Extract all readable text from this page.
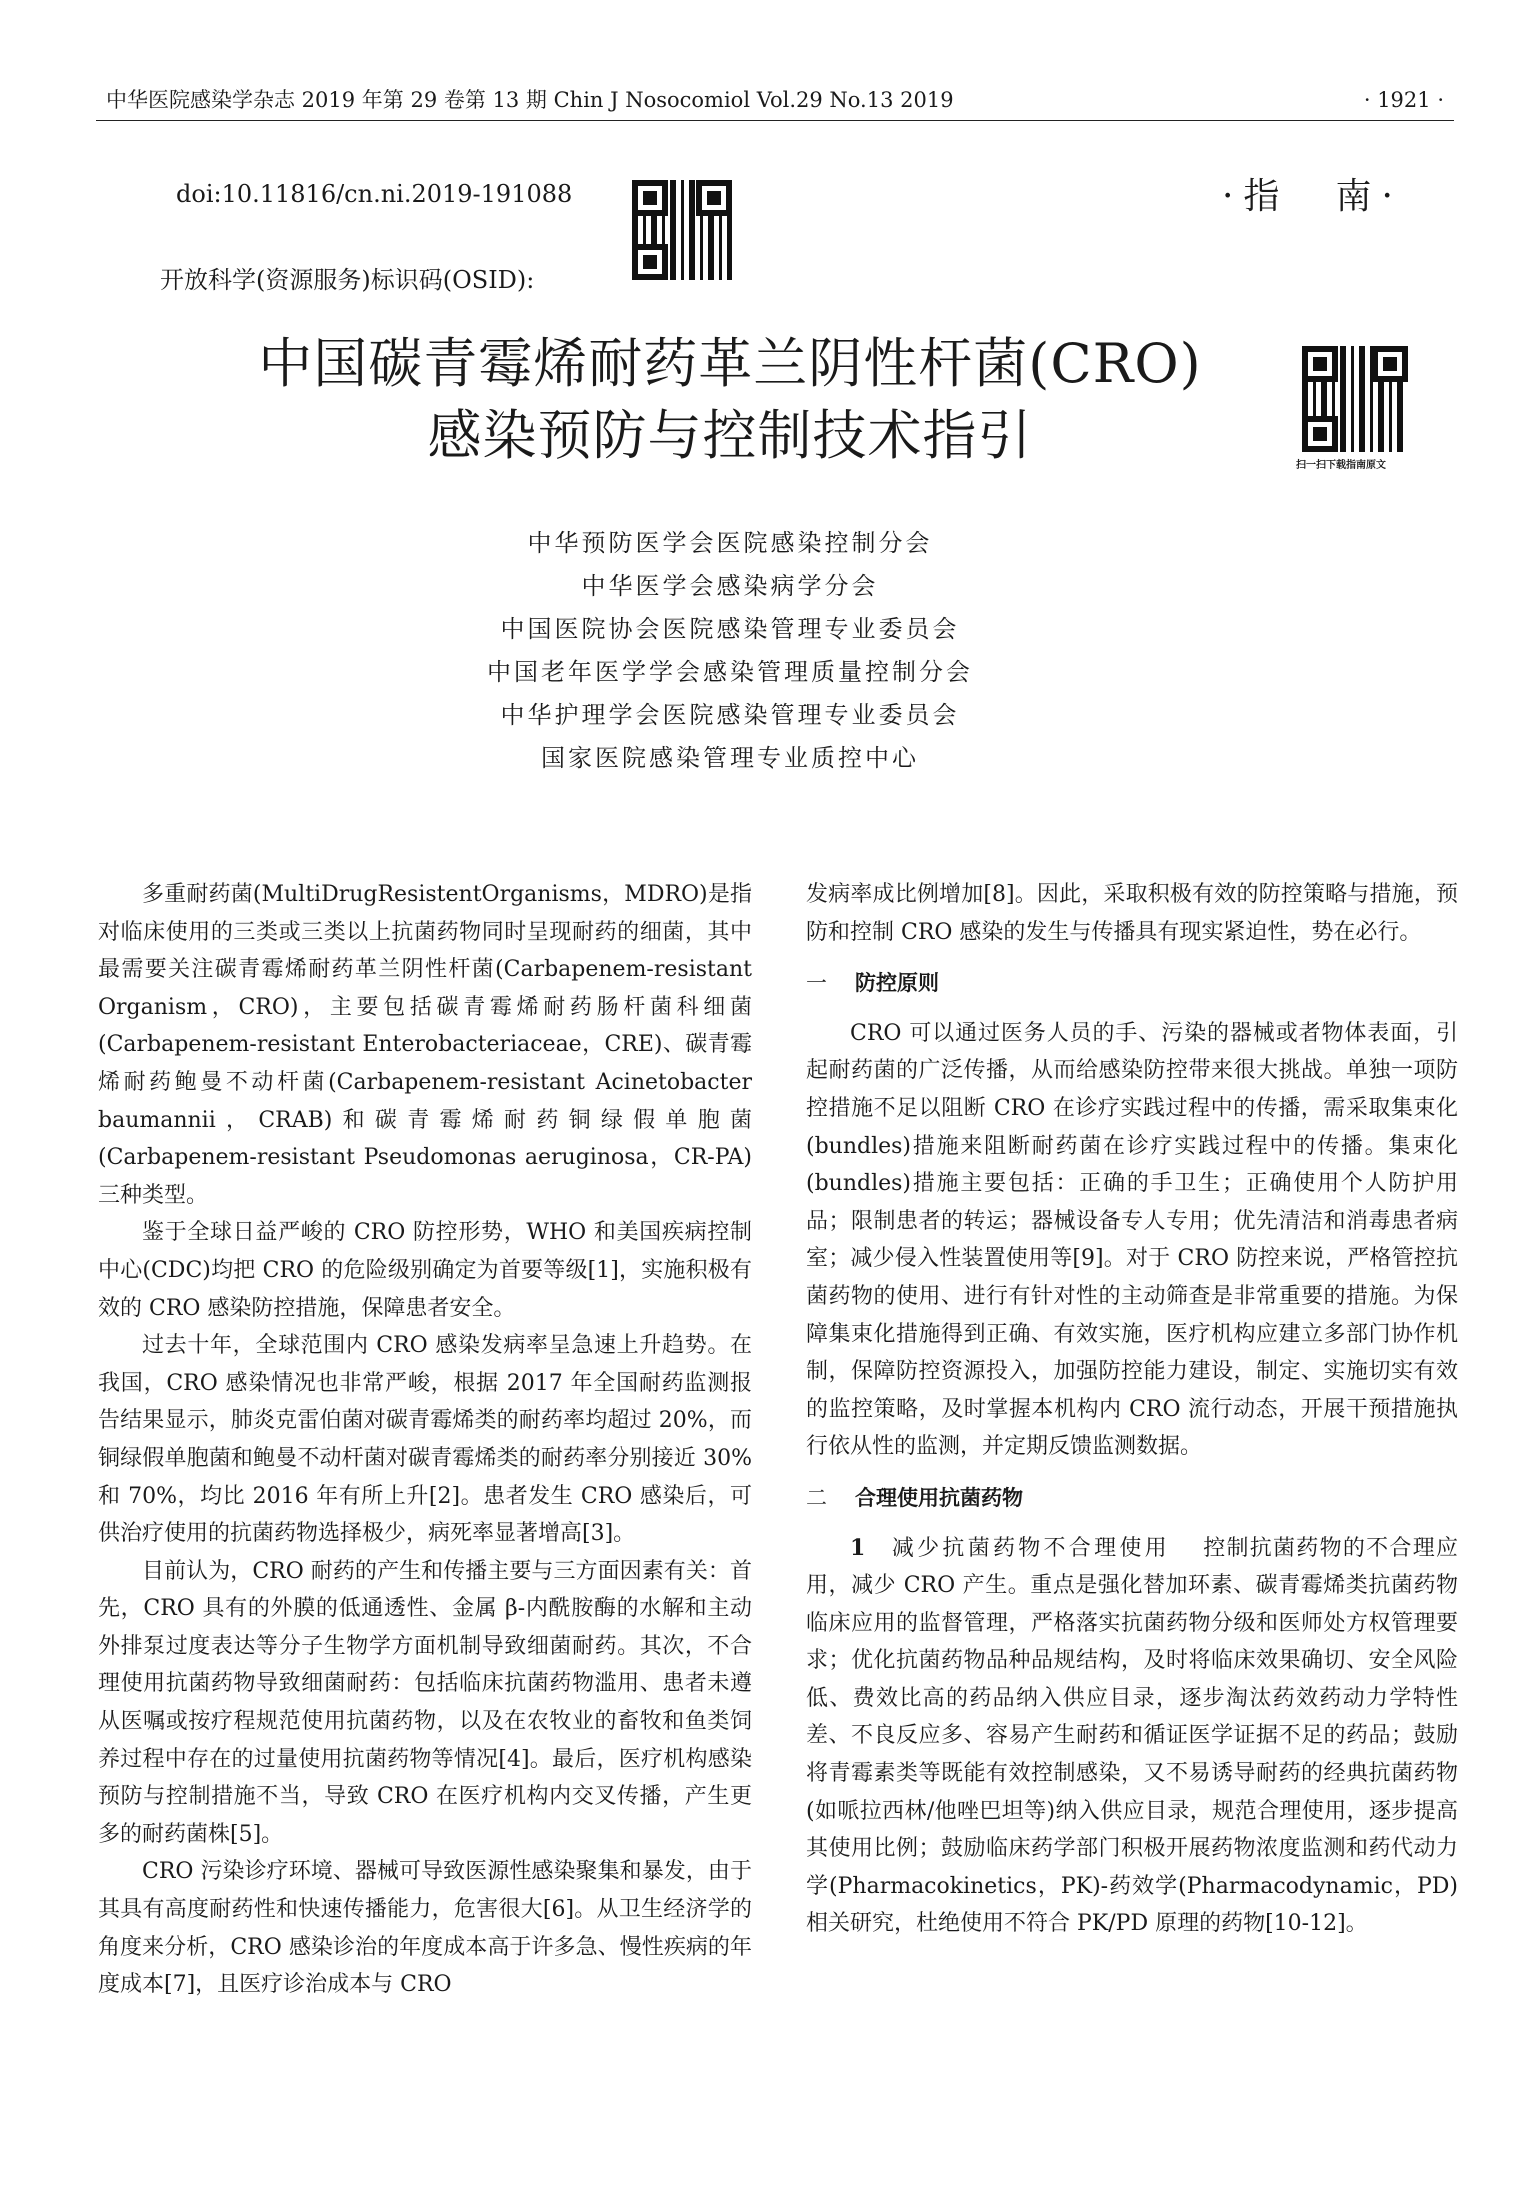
中华医院感染学杂志 2019 年第 29 卷第 13 期 Chin J Nosocomiol Vol.29 No.13 2019	· 1921 ·
doi:10.11816/cn.ni.2019-191088
开放科学(资源服务)标识码(OSID):
·指　南·
中国碳青霉烯耐药革兰阴性杆菌(CRO)
感染预防与控制技术指引	扫一扫下载指南原文
中华预防医学会医院感染控制分会
中华医学会感染病学分会
中国医院协会医院感染管理专业委员会
中国老年医学学会感染管理质量控制分会
中华护理学会医院感染管理专业委员会
国家医院感染管理专业质控中心

多重耐药菌(MultiDrugResistentOrganisms，MDRO)是指对临床使用的三类或三类以上抗菌药物同时呈现耐药的细菌，其中最需要关注碳青霉烯耐药革兰阴性杆菌(Carbapenem-resistant Organism，CRO)，主要包括碳青霉烯耐药肠杆菌科细菌(Carbapenem-resistant Enterobacteriaceae，CRE)、碳青霉烯耐药鲍曼不动杆菌(Carbapenem-resistant Acinetobacter baumannii，CRAB)和碳青霉烯耐药铜绿假单胞菌(Carbapenem-resistant Pseudomonas aeruginosa，CR-PA)三种类型。

鉴于全球日益严峻的 CRO 防控形势，WHO 和美国疾病控制中心(CDC)均把 CRO 的危险级别确定为首要等级[1]，实施积极有效的 CRO 感染防控措施，保障患者安全。

过去十年，全球范围内 CRO 感染发病率呈急速上升趋势。在我国，CRO 感染情况也非常严峻，根据 2017 年全国耐药监测报告结果显示，肺炎克雷伯菌对碳青霉烯类的耐药率均超过 20%，而铜绿假单胞菌和鲍曼不动杆菌对碳青霉烯类的耐药率分别接近 30% 和 70%，均比 2016 年有所上升[2]。患者发生 CRO 感染后，可供治疗使用的抗菌药物选择极少，病死率显著增高[3]。

目前认为，CRO 耐药的产生和传播主要与三方面因素有关：首先，CRO 具有的外膜的低通透性、金属 β-内酰胺酶的水解和主动外排泵过度表达等分子生物学方面机制导致细菌耐药。其次，不合理使用抗菌药物导致细菌耐药：包括临床抗菌药物滥用、患者未遵从医嘱或按疗程规范使用抗菌药物，以及在农牧业的畜牧和鱼类饲养过程中存在的过量使用抗菌药物等情况[4]。最后，医疗机构感染预防与控制措施不当，导致 CRO 在医疗机构内交叉传播，产生更多的耐药菌株[5]。

CRO 污染诊疗环境、器械可导致医源性感染聚集和暴发，由于其具有高度耐药性和快速传播能力，危害很大[6]。从卫生经济学的角度来分析，CRO 感染诊治的年度成本高于许多急、慢性疾病的年度成本[7]，且医疗诊治成本与 CRO

发病率成比例增加[8]。因此，采取积极有效的防控策略与措施，预防和控制 CRO 感染的发生与传播具有现实紧迫性，势在必行。

一 防控原则

CRO 可以通过医务人员的手、污染的器械或者物体表面，引起耐药菌的广泛传播，从而给感染防控带来很大挑战。单独一项防控措施不足以阻断 CRO 在诊疗实践过程中的传播，需采取集束化(bundles)措施来阻断耐药菌在诊疗实践过程中的传播。集束化(bundles)措施主要包括：正确的手卫生；正确使用个人防护用品；限制患者的转运；器械设备专人专用；优先清洁和消毒患者病室；减少侵入性装置使用等[9]。对于 CRO 防控来说，严格管控抗菌药物的使用、进行有针对性的主动筛查是非常重要的措施。为保障集束化措施得到正确、有效实施，医疗机构应建立多部门协作机制，保障防控资源投入，加强防控能力建设，制定、实施切实有效的监控策略，及时掌握本机构内 CRO 流行动态，开展干预措施执行依从性的监测，并定期反馈监测数据。

二 合理使用抗菌药物

1　 减少抗菌药物不合理使用　 控制抗菌药物的不合理应用，减少 CRO 产生。重点是强化替加环素、碳青霉烯类抗菌药物临床应用的监督管理，严格落实抗菌药物分级和医师处方权管理要求；优化抗菌药物品种品规结构，及时将临床效果确切、安全风险低、费效比高的药品纳入供应目录，逐步淘汰药效药动力学特性差、不良反应多、容易产生耐药和循证医学证据不足的药品；鼓励将青霉素类等既能有效控制感染，又不易诱导耐药的经典抗菌药物(如哌拉西林/他唑巴坦等)纳入供应目录，规范合理使用，逐步提高其使用比例；鼓励临床药学部门积极开展药物浓度监测和药代动力学(Pharmacokinetics，PK)-药效学(Pharmacodynamic，PD)相关研究，杜绝使用不符合 PK/PD 原理的药物[10-12]。
